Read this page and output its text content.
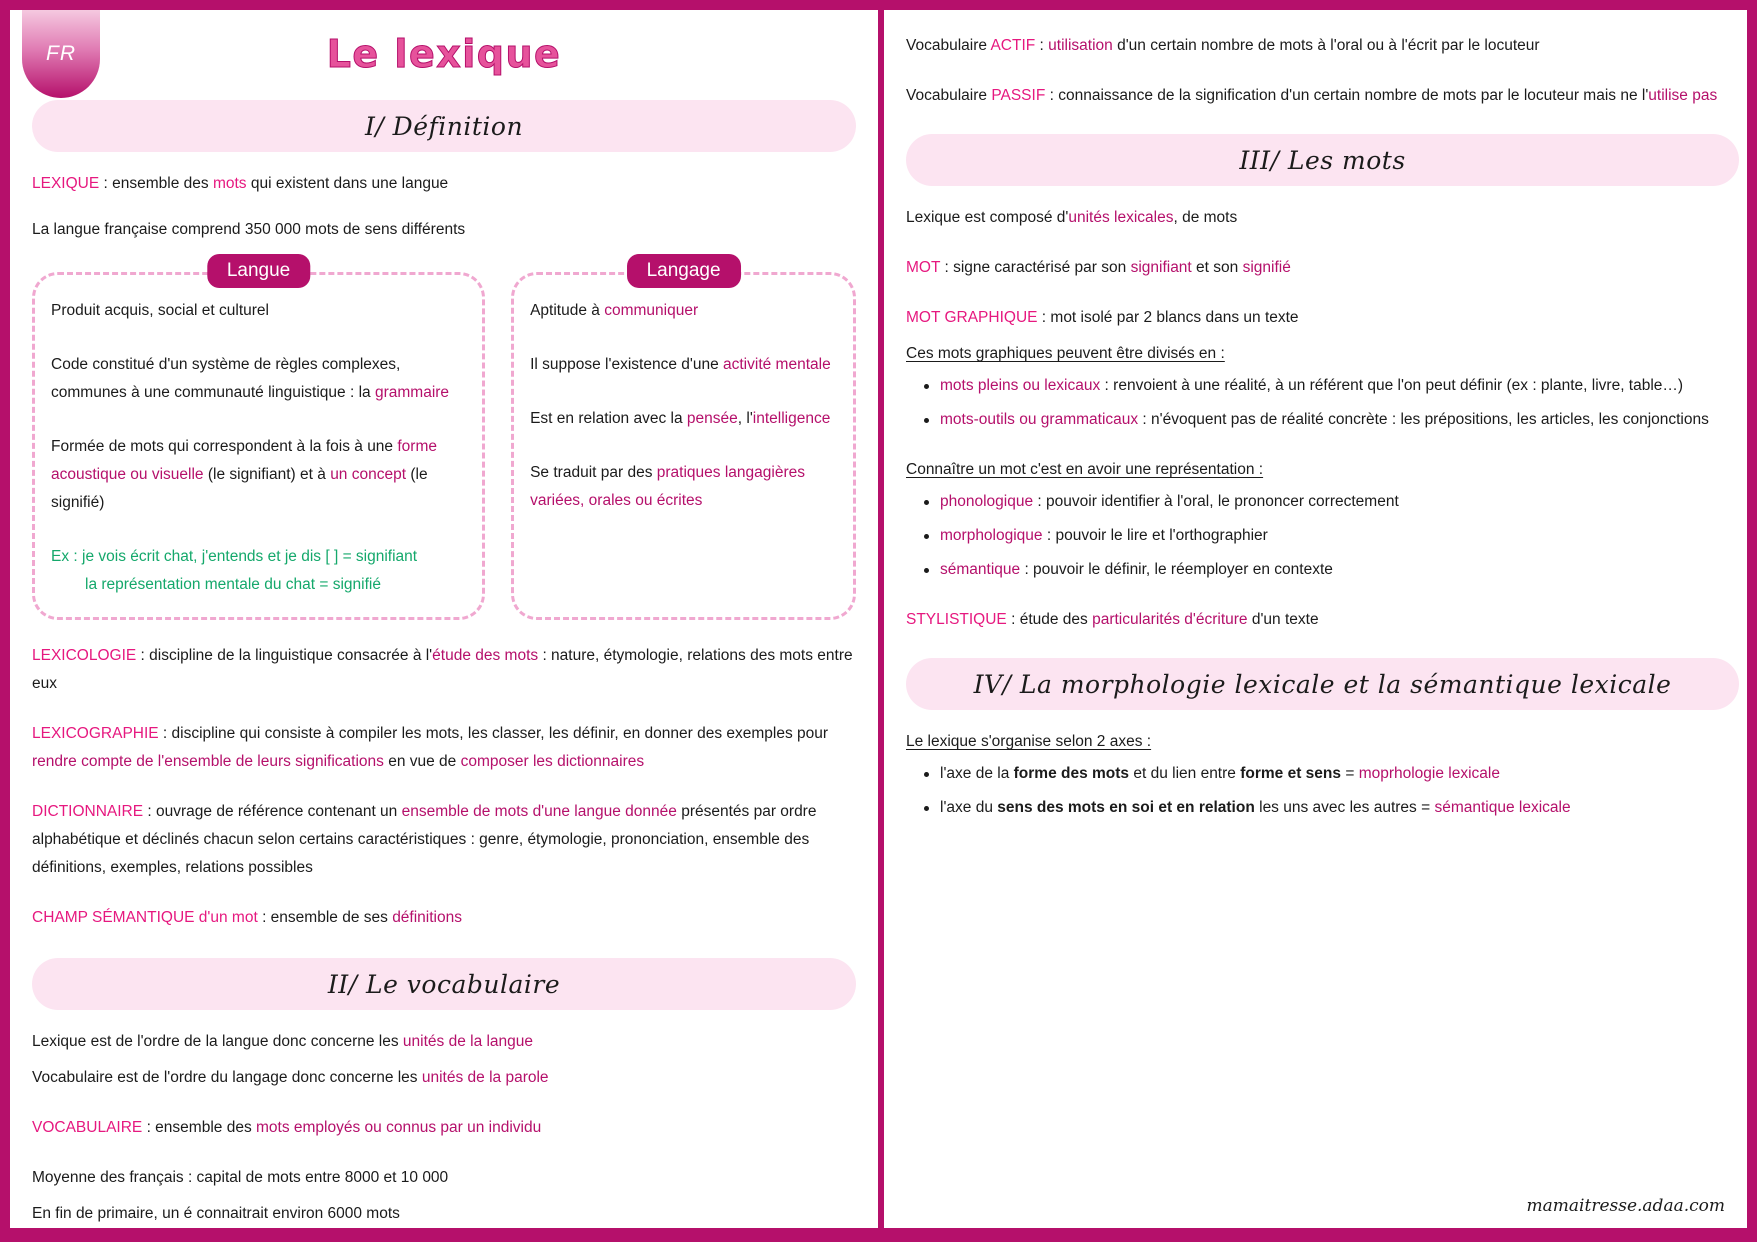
FR	Le lexique
I/ Définition
LEXIQUE : ensemble des mots qui existent dans une langue
La langue française comprend 350 000 mots de sens différents
Langue
Produit acquis, social et culturel
Code constitué d'un système de règles complexes,
communes à une communauté linguistique : la grammaire
Formée de mots qui correspondent à la fois à une forme acoustique ou visuelle (le signifiant) et à un concept (le signifié)
Ex : je vois écrit chat, j'entends et je dis [ ] = signifiant
la représentation mentale du chat = signifié
Langage
Aptitude à communiquer
Il suppose l'existence d'une activité mentale
Est en relation avec la pensée, l'intelligence
Se traduit par des pratiques langagières variées, orales ou écrites
LEXICOLOGIE : discipline de la linguistique consacrée à l'étude des mots : nature, étymologie, relations des mots entre eux
LEXICOGRAPHIE : discipline qui consiste à compiler les mots, les classer, les définir, en donner des exemples pour rendre compte de l'ensemble de leurs significations en vue de composer les dictionnaires
DICTIONNAIRE : ouvrage de référence contenant un ensemble de mots d'une langue donnée présentés par ordre alphabétique et déclinés chacun selon certains caractéristiques : genre, étymologie, prononciation, ensemble des définitions, exemples, relations possibles
CHAMP SÉMANTIQUE d'un mot : ensemble de ses définitions
II/ Le vocabulaire
Lexique est de l'ordre de la langue donc concerne les unités de la langue
Vocabulaire est de l'ordre du langage donc concerne les unités de la parole
VOCABULAIRE : ensemble des mots employés ou connus par un individu
Moyenne des français : capital de mots entre 8000 et 10 000
En fin de primaire, un é connaitrait environ 6000 mots
Vocabulaire ACTIF : utilisation d'un certain nombre de mots à l'oral ou à l'écrit par le locuteur
Vocabulaire PASSIF : connaissance de la signification d'un certain nombre de mots par le locuteur mais ne l'utilise pas
III/ Les mots
Lexique est composé d'unités lexicales, de mots
MOT : signe caractérisé par son signifiant et son signifié
MOT GRAPHIQUE : mot isolé par 2 blancs dans un texte
Ces mots graphiques peuvent être divisés en :
mots pleins ou lexicaux : renvoient à une réalité, à un référent que l'on peut définir (ex : plante, livre, table…)
mots-outils ou grammaticaux : n'évoquent pas de réalité concrète : les prépositions, les articles, les conjonctions
Connaître un mot c'est en avoir une représentation :
phonologique : pouvoir identifier à l'oral, le prononcer correctement
morphologique : pouvoir le lire et l'orthographier
sémantique : pouvoir le définir, le réemployer en contexte
STYLISTIQUE : étude des particularités d'écriture d'un texte
IV/ La morphologie lexicale et la sémantique lexicale
Le lexique s'organise selon 2 axes :
l'axe de la forme des mots et du lien entre forme et sens = moprhologie lexicale
l'axe du sens des mots en soi et en relation les uns avec les autres = sémantique lexicale
mamaitresse.adaa.com
